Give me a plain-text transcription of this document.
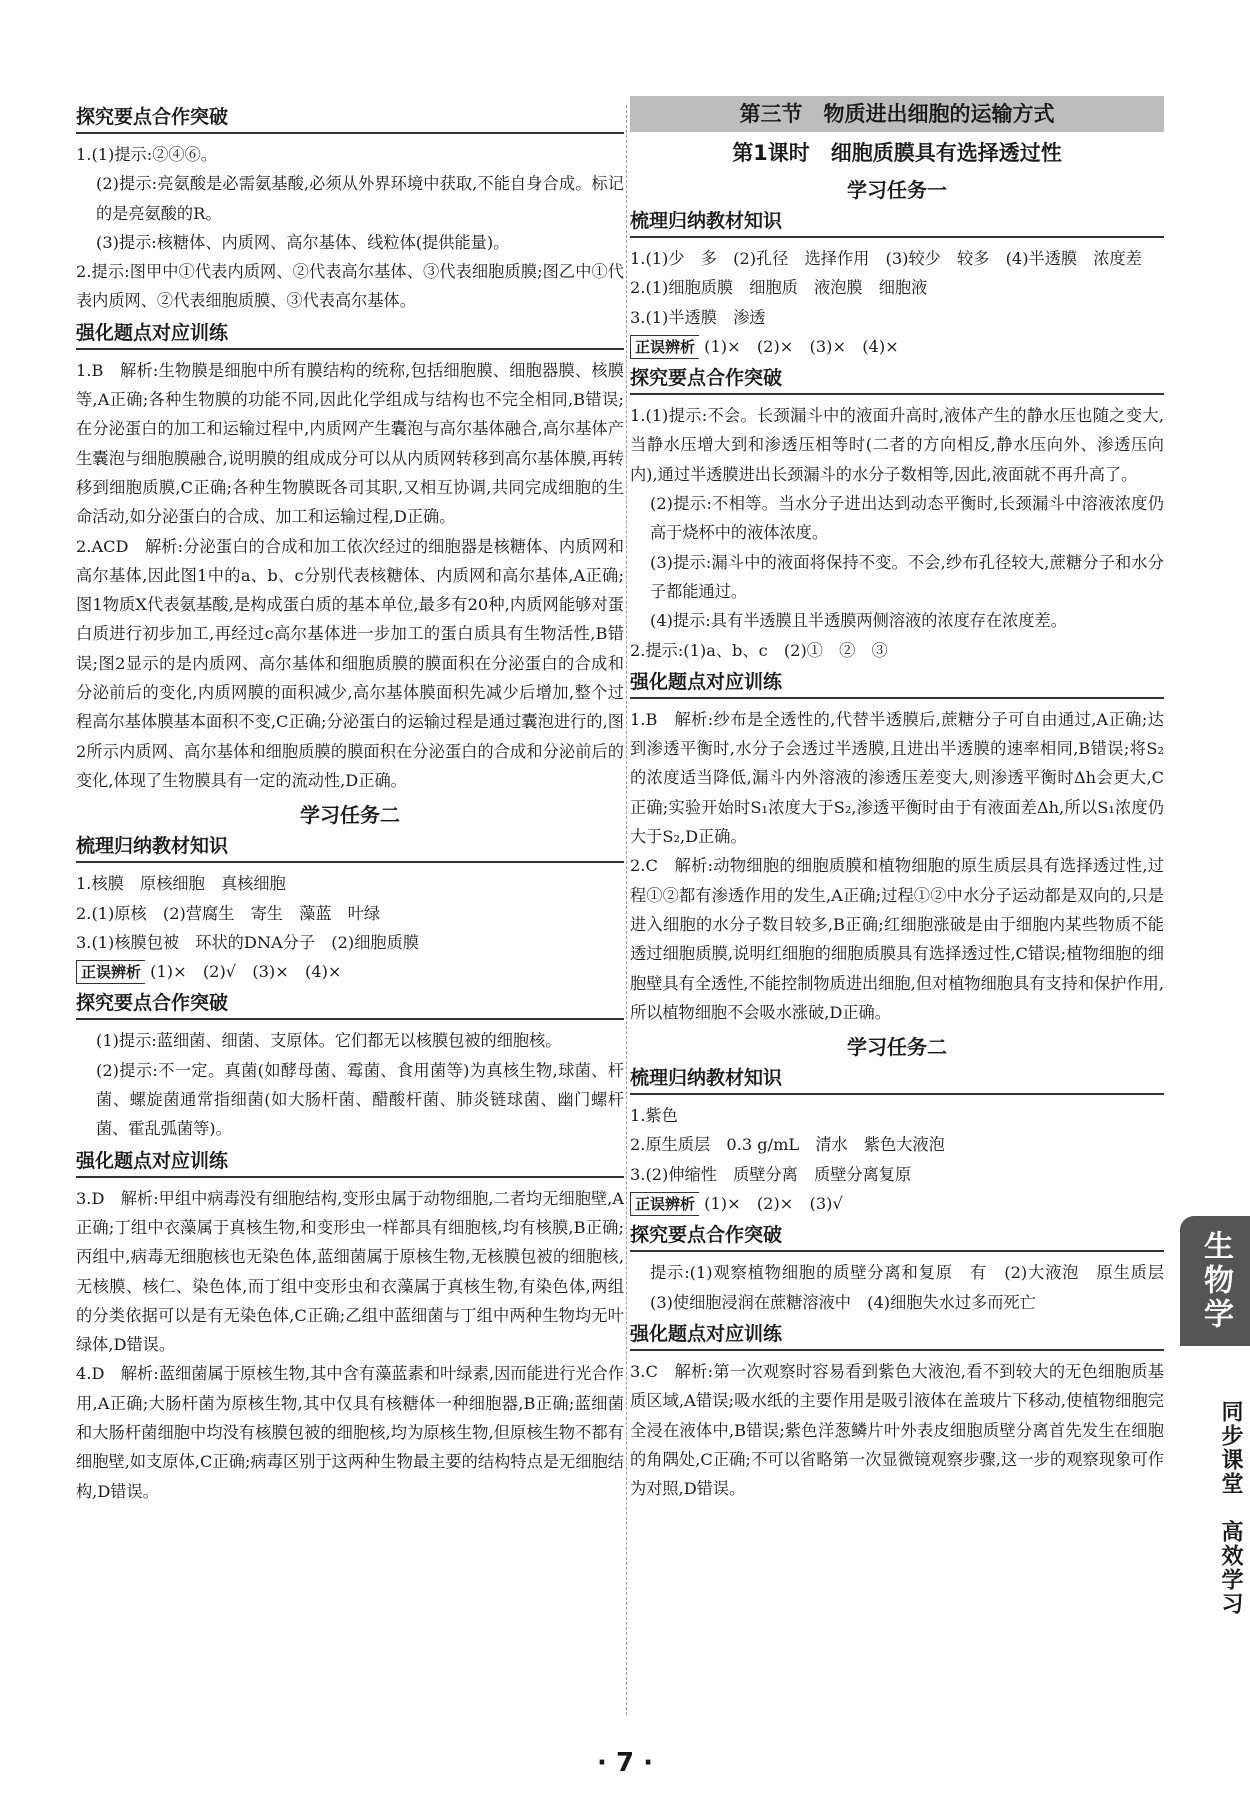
探究要点合作突破
1.(1)提示:②④⑥。
(2)提示:亮氨酸是必需氨基酸,必须从外界环境中获取,不能自身合成。标记的是亮氨酸的R。
(3)提示:核糖体、内质网、高尔基体、线粒体(提供能量)。
2.提示:图甲中①代表内质网、②代表高尔基体、③代表细胞质膜;图乙中①代表内质网、②代表细胞质膜、③代表高尔基体。
强化题点对应训练
1.B　解析:生物膜是细胞中所有膜结构的统称,包括细胞膜、细胞器膜、核膜等,A正确;各种生物膜的功能不同,因此化学组成与结构也不完全相同,B错误;在分泌蛋白的加工和运输过程中,内质网产生囊泡与高尔基体融合,高尔基体产生囊泡与细胞膜融合,说明膜的组成成分可以从内质网转移到高尔基体膜,再转移到细胞质膜,C正确;各种生物膜既各司其职,又相互协调,共同完成细胞的生命活动,如分泌蛋白的合成、加工和运输过程,D正确。
2.ACD　解析:分泌蛋白的合成和加工依次经过的细胞器是核糖体、内质网和高尔基体,因此图1中的a、b、c分别代表核糖体、内质网和高尔基体,A正确;图1物质X代表氨基酸,是构成蛋白质的基本单位,最多有20种,内质网能够对蛋白质进行初步加工,再经过c高尔基体进一步加工的蛋白质具有生物活性,B错误;图2显示的是内质网、高尔基体和细胞质膜的膜面积在分泌蛋白的合成和分泌前后的变化,内质网膜的面积减少,高尔基体膜面积先减少后增加,整个过程高尔基体膜基本面积不变,C正确;分泌蛋白的运输过程是通过囊泡进行的,图2所示内质网、高尔基体和细胞质膜的膜面积在分泌蛋白的合成和分泌前后的变化,体现了生物膜具有一定的流动性,D正确。
学习任务二
梳理归纳教材知识
1.核膜　原核细胞　真核细胞
2.(1)原核　(2)营腐生　寄生　藻蓝　叶绿
3.(1)核膜包被　环状的DNA分子　(2)细胞质膜
正误辨析 (1)×　(2)√　(3)×　(4)×
探究要点合作突破
(1)提示:蓝细菌、细菌、支原体。它们都无以核膜包被的细胞核。
(2)提示:不一定。真菌(如酵母菌、霉菌、食用菌等)为真核生物,球菌、杆菌、螺旋菌通常指细菌(如大肠杆菌、醋酸杆菌、肺炎链球菌、幽门螺杆菌、霍乱弧菌等)。
强化题点对应训练
3.D　解析:甲组中病毒没有细胞结构,变形虫属于动物细胞,二者均无细胞壁,A正确;丁组中衣藻属于真核生物,和变形虫一样都具有细胞核,均有核膜,B正确;丙组中,病毒无细胞核也无染色体,蓝细菌属于原核生物,无核膜包被的细胞核,无核膜、核仁、染色体,而丁组中变形虫和衣藻属于真核生物,有染色体,两组的分类依据可以是有无染色体,C正确;乙组中蓝细菌与丁组中两种生物均无叶绿体,D错误。
4.D　解析:蓝细菌属于原核生物,其中含有藻蓝素和叶绿素,因而能进行光合作用,A正确;大肠杆菌为原核生物,其中仅具有核糖体一种细胞器,B正确;蓝细菌和大肠杆菌细胞中均没有核膜包被的细胞核,均为原核生物,但原核生物不都有细胞壁,如支原体,C正确;病毒区别于这两种生物最主要的结构特点是无细胞结构,D错误。
第三节　物质进出细胞的运输方式
第1课时　细胞质膜具有选择透过性
学习任务一
梳理归纳教材知识
1.(1)少　多　(2)孔径　选择作用　(3)较少　较多　(4)半透膜　浓度差
2.(1)细胞质膜　细胞质　液泡膜　细胞液
3.(1)半透膜　渗透
正误辨析 (1)×　(2)×　(3)×　(4)×
探究要点合作突破
1.(1)提示:不会。长颈漏斗中的液面升高时,液体产生的静水压也随之变大,当静水压增大到和渗透压相等时(二者的方向相反,静水压向外、渗透压向内),通过半透膜进出长颈漏斗的水分子数相等,因此,液面就不再升高了。
(2)提示:不相等。当水分子进出达到动态平衡时,长颈漏斗中溶液浓度仍高于烧杯中的液体浓度。
(3)提示:漏斗中的液面将保持不变。不会,纱布孔径较大,蔗糖分子和水分子都能通过。
(4)提示:具有半透膜且半透膜两侧溶液的浓度存在浓度差。
2.提示:(1)a、b、c　(2)①　②　③
强化题点对应训练
1.B　解析:纱布是全透性的,代替半透膜后,蔗糖分子可自由通过,A正确;达到渗透平衡时,水分子会透过半透膜,且进出半透膜的速率相同,B错误;将S₂的浓度适当降低,漏斗内外溶液的渗透压差变大,则渗透平衡时Δh会更大,C正确;实验开始时S₁浓度大于S₂,渗透平衡时由于有液面差Δh,所以S₁浓度仍大于S₂,D正确。
2.C　解析:动物细胞的细胞质膜和植物细胞的原生质层具有选择透过性,过程①②都有渗透作用的发生,A正确;过程①②中水分子运动都是双向的,只是进入细胞的水分子数目较多,B正确;红细胞涨破是由于细胞内某些物质不能透过细胞质膜,说明红细胞的细胞质膜具有选择透过性,C错误;植物细胞的细胞壁具有全透性,不能控制物质进出细胞,但对植物细胞具有支持和保护作用,所以植物细胞不会吸水涨破,D正确。
学习任务二
梳理归纳教材知识
1.紫色
2.原生质层　0.3 g/mL　清水　紫色大液泡
3.(2)伸缩性　质壁分离　质壁分离复原
正误辨析 (1)×　(2)×　(3)√
探究要点合作突破
提示:(1)观察植物细胞的质壁分离和复原　有　(2)大液泡　原生质层　(3)使细胞浸润在蔗糖溶液中　(4)细胞失水过多而死亡
强化题点对应训练
3.C　解析:第一次观察时容易看到紫色大液泡,看不到较大的无色细胞质基质区域,A错误;吸水纸的主要作用是吸引液体在盖玻片下移动,使植物细胞完全浸在液体中,B错误;紫色洋葱鳞片叶外表皮细胞质壁分离首先发生在细胞的角隅处,C正确;不可以省略第一次显微镜观察步骤,这一步的观察现象可作为对照,D错误。
生物学
同步课堂　高效学习
· 7 ·
